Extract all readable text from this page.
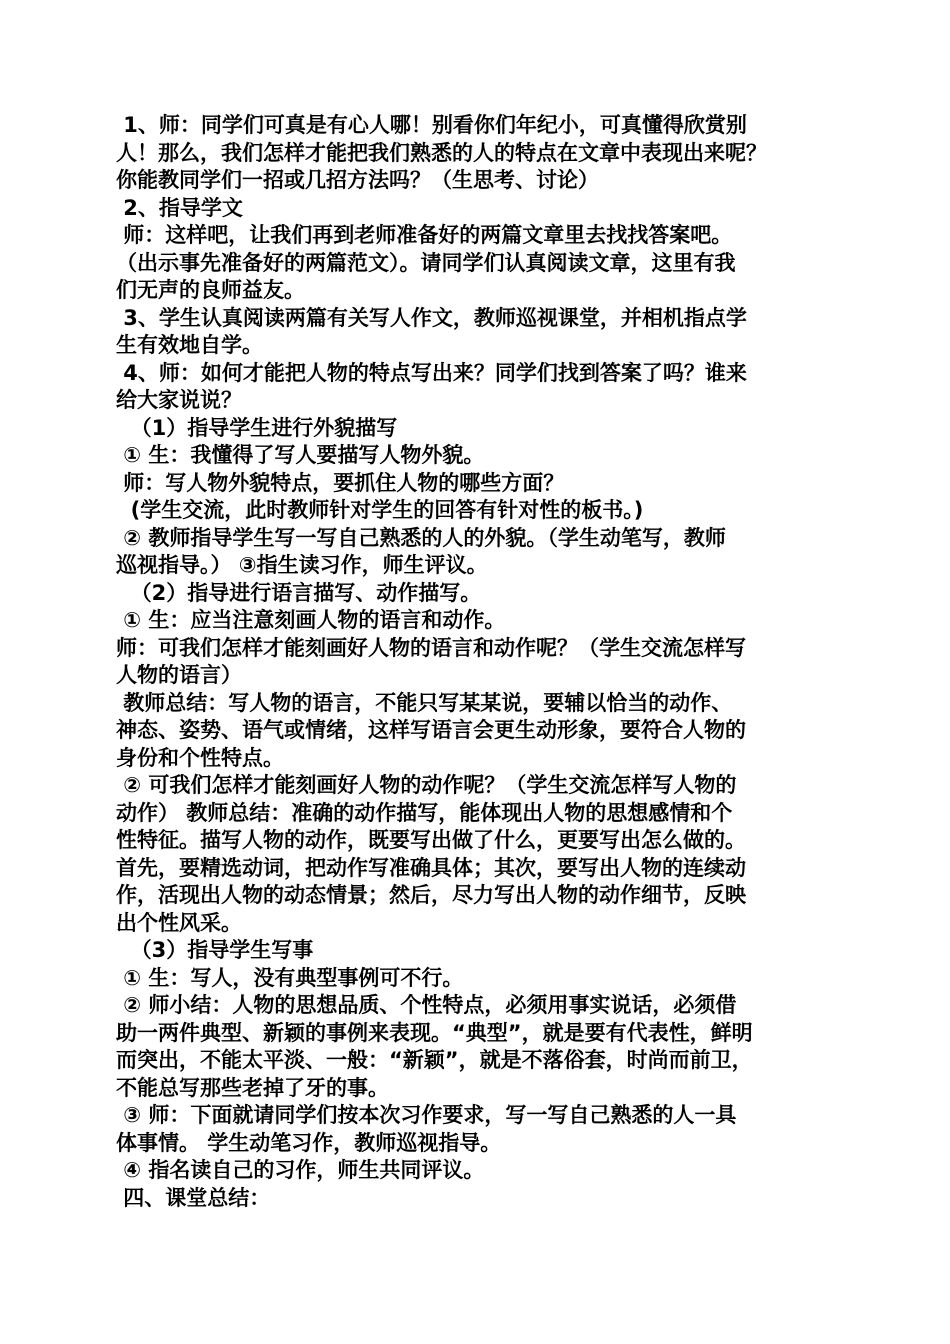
1、师：同学们可真是有心人哪！别看你们年纪小，可真懂得欣赏别
人！那么，我们怎样才能把我们熟悉的人的特点在文章中表现出来呢？
你能教同学们一招或几招方法吗？（生思考、讨论）
2、指导学文
师：这样吧，让我们再到老师准备好的两篇文章里去找找答案吧。
（出示事先准备好的两篇范文）。请同学们认真阅读文章，这里有我
们无声的良师益友。
3、学生认真阅读两篇有关写人作文，教师巡视课堂，并相机指点学
生有效地自学。
4、师：如何才能把人物的特点写出来？同学们找到答案了吗？谁来
给大家说说？
（1）指导学生进行外貌描写
① 生：我懂得了写人要描写人物外貌。
师：写人物外貌特点，要抓住人物的哪些方面？
(学生交流，此时教师针对学生的回答有针对性的板书。)
② 教师指导学生写一写自己熟悉的人的外貌。（学生动笔写，教师
巡视指导。） ③指生读习作，师生评议。
（2）指导进行语言描写、动作描写。
① 生：应当注意刻画人物的语言和动作。
师：可我们怎样才能刻画好人物的语言和动作呢？（学生交流怎样写
人物的语言）
教师总结：写人物的语言，不能只写某某说，要辅以恰当的动作、
神态、姿势、语气或情绪，这样写语言会更生动形象，要符合人物的
身份和个性特点。
② 可我们怎样才能刻画好人物的动作呢？（学生交流怎样写人物的
动作） 教师总结：准确的动作描写，能体现出人物的思想感情和个
性特征。描写人物的动作，既要写出做了什么，更要写出怎么做的。
首先，要精选动词，把动作写准确具体；其次，要写出人物的连续动
作，活现出人物的动态情景；然后，尽力写出人物的动作细节，反映
出个性风采。
（3）指导学生写事
① 生：写人，没有典型事例可不行。
② 师小结：人物的思想品质、个性特点，必须用事实说话，必须借
助一两件典型、新颖的事例来表现。“典型”，就是要有代表性，鲜明
而突出，不能太平淡、一般：“新颖”，就是不落俗套，时尚而前卫，
不能总写那些老掉了牙的事。
③ 师：下面就请同学们按本次习作要求，写一写自己熟悉的人一具
体事情。 学生动笔习作，教师巡视指导。
④ 指名读自己的习作，师生共同评议。
四、课堂总结：
